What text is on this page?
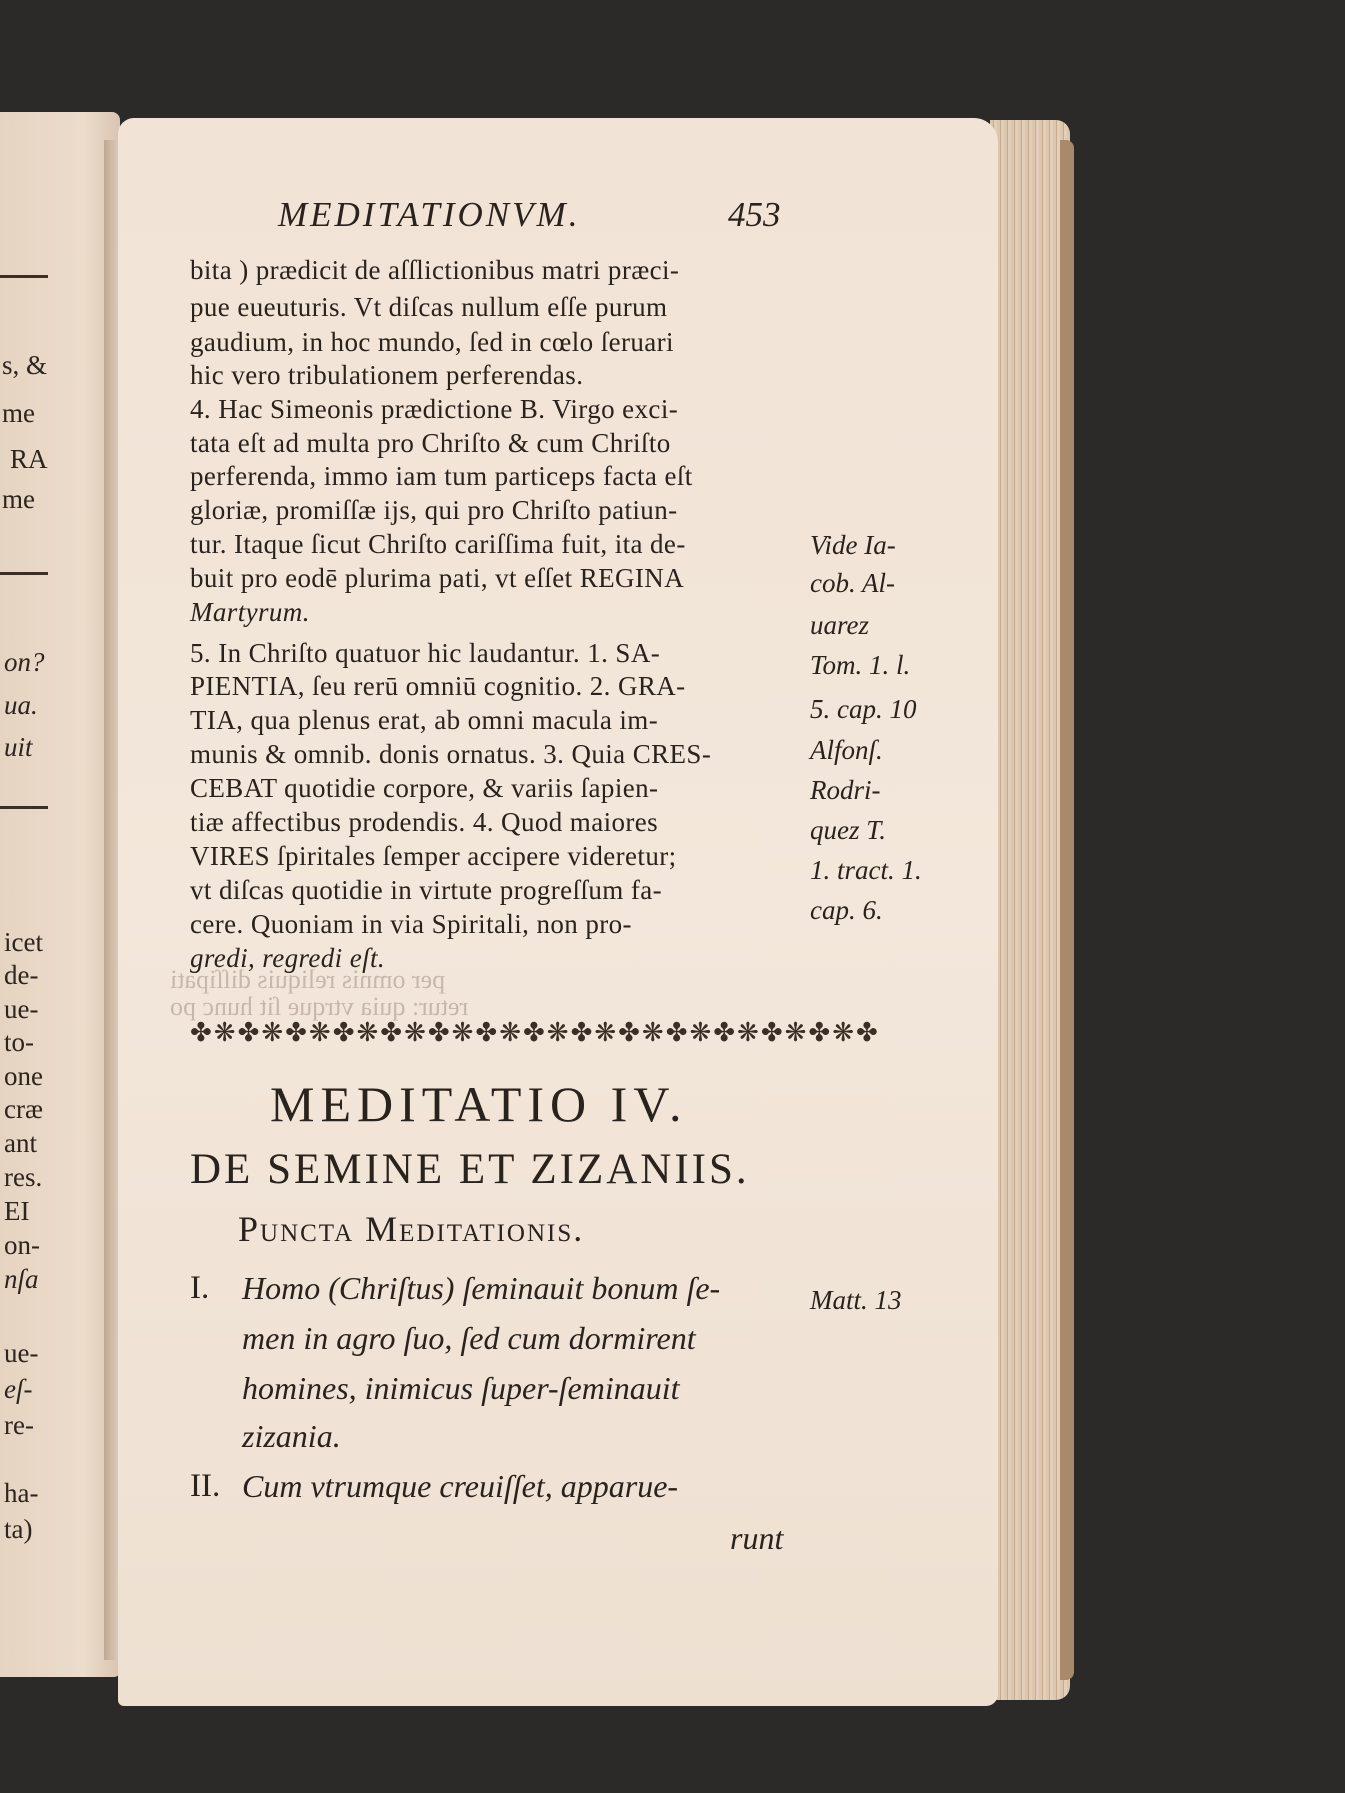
s, &
me
RA
me
on?
ua.
uit
icet
de-
ue-
to-
one
cræ
ant
res.
EI
on-
nſa
ue-
eſ-
re-
ha-
ta)
MEDITATIONVM.	453
bita ) prædicit de aſſlictionibus matri præci-
pue eueuturis. Vt diſcas nullum eſſe purum
gaudium, in hoc mundo, ſed in cœlo ſeruari
hic vero tribulationem perferendas.
4. Hac Simeonis prædictione B. Virgo exci-
tata eſt ad multa pro Chriſto & cum Chriſto
perferenda, immo iam tum particeps facta eſt
gloriæ, promiſſæ ijs, qui pro Chriſto patiun-
tur. Itaque ſicut Chriſto cariſſima fuit, ita de-
buit pro eodē plurima pati, vt eſſet REGINA
Martyrum.
5. In Chriſto quatuor hic laudantur. 1. SA-
PIENTIA, ſeu rerū omniū cognitio. 2. GRA-
TIA, qua plenus erat, ab omni macula im-
munis & omnib. donis ornatus. 3. Quia CRES-
CEBAT quotidie corpore, & variis ſapien-
tiæ affectibus prodendis. 4. Quod maiores
VIRES ſpiritales ſemper accipere videretur;
vt diſcas quotidie in virtute progreſſum fa-
cere. Quoniam in via Spiritali, non pro-
gredi, regredi eſt.
per omnis reliquis diſſipati
retur: quia vtrque ſit hunc po
Vide Ia-
cob. Al-
uarez
Tom. 1. l.
5. cap. 10
Alfonſ.
Rodri-
quez T.
1. tract. 1.
cap. 6.
✤❋✤❋✤❋✤❋✤❋✤❋✤❋✤❋✤❋✤❋✤❋✤❋✤❋✤❋✤
MEDITATIO IV.
DE SEMINE ET ZIZANIIS.
Puncta Meditationis.
I. Homo (Chriſtus) ſeminauit bonum ſe-
men in agro ſuo, ſed cum dormirent
homines, inimicus ſuper-ſeminauit
zizania.
Matt. 13
II. Cum vtrumque creuiſſet, apparue-
runt
